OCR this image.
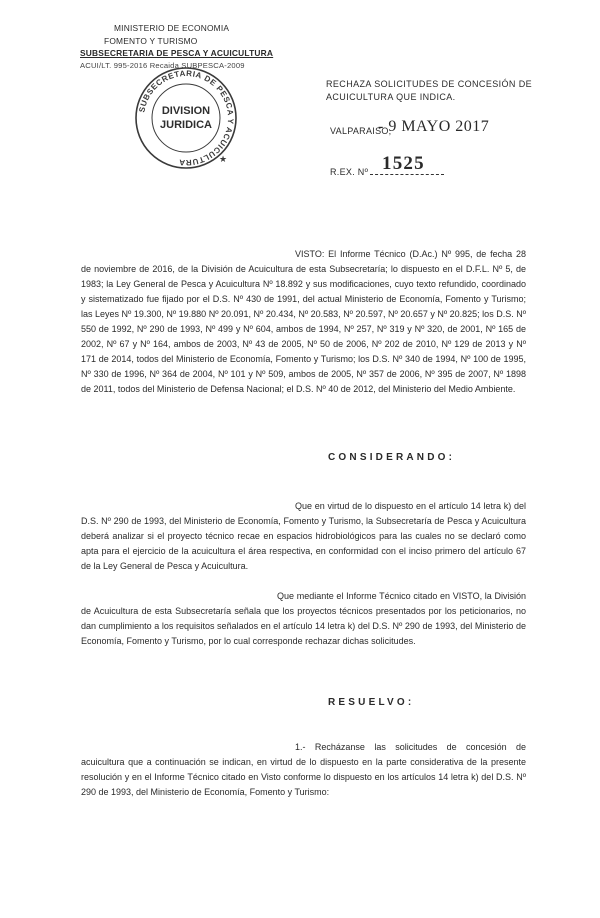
MINISTERIO DE ECONOMIA
FOMENTO Y TURISMO
SUBSECRETARIA DE PESCA Y ACUICULTURA
ACUI/LT. 995-2016 Recaida SUBPESCA-2009
SUBSECRETARIA DE PESCA Y ACUICULTURA
DIVISION
JURIDICA
★
RECHAZA SOLICITUDES DE CONCESIÓN DE
ACUICULTURA QUE INDICA.
VALPARAISO,
- 9 MAYO 2017
R.EX. Nº 1525
VISTO: El Informe Técnico (D.Ac.) Nº 995, de fecha 28 de noviembre de 2016, de la División de Acuicultura de esta Subsecretaría; lo dispuesto en el D.F.L. Nº 5, de 1983; la Ley General de Pesca y Acuicultura Nº 18.892 y sus modificaciones, cuyo texto refundido, coordinado y sistematizado fue fijado por el D.S. Nº 430 de 1991, del actual Ministerio de Economía, Fomento y Turismo; las Leyes Nº 19.300, Nº 19.880 Nº 20.091, Nº 20.434, Nº 20.583, Nº 20.597, Nº 20.657 y Nº 20.825; los D.S. Nº 550 de 1992, Nº 290 de 1993, Nº 499 y Nº 604, ambos de 1994, Nº 257, Nº 319 y Nº 320, de 2001, Nº 165 de 2002, Nº 67 y Nº 164, ambos de 2003, Nº 43 de 2005, Nº 50 de 2006, Nº 202 de 2010, Nº 129 de 2013 y Nº 171 de 2014, todos del Ministerio de Economía, Fomento y Turismo; los D.S. Nº 340 de 1994, Nº 100 de 1995, Nº 330 de 1996, Nº 364 de 2004, Nº 101 y Nº 509, ambos de 2005, Nº 357 de 2006, Nº 395 de 2007, Nº 1898 de 2011, todos del Ministerio de Defensa Nacional; el D.S. Nº 40 de 2012, del Ministerio del Medio Ambiente.
CONSIDERANDO:
Que en virtud de lo dispuesto en el artículo 14 letra k) del D.S. Nº 290 de 1993, del Ministerio de Economía, Fomento y Turismo, la Subsecretaría de Pesca y Acuicultura deberá analizar si el proyecto técnico recae en espacios hidrobiológicos para las cuales no se declaró como apta para el ejercicio de la acuicultura el área respectiva, en conformidad con el inciso primero del artículo 67 de la Ley General de Pesca y Acuicultura.
Que mediante el Informe Técnico citado en VISTO, la División de Acuicultura de esta Subsecretaría señala que los proyectos técnicos presentados por los peticionarios, no dan cumplimiento a los requisitos señalados en el artículo 14 letra k) del D.S. Nº 290 de 1993, del Ministerio de Economía, Fomento y Turismo, por lo cual corresponde rechazar dichas solicitudes.
RESUELVO:
1.- Recházanse las solicitudes de concesión de acuicultura que a continuación se indican, en virtud de lo dispuesto en la parte considerativa de la presente resolución y en el Informe Técnico citado en Visto conforme lo dispuesto en los artículos 14 letra k) del D.S. Nº 290 de 1993, del Ministerio de Economía, Fomento y Turismo:
